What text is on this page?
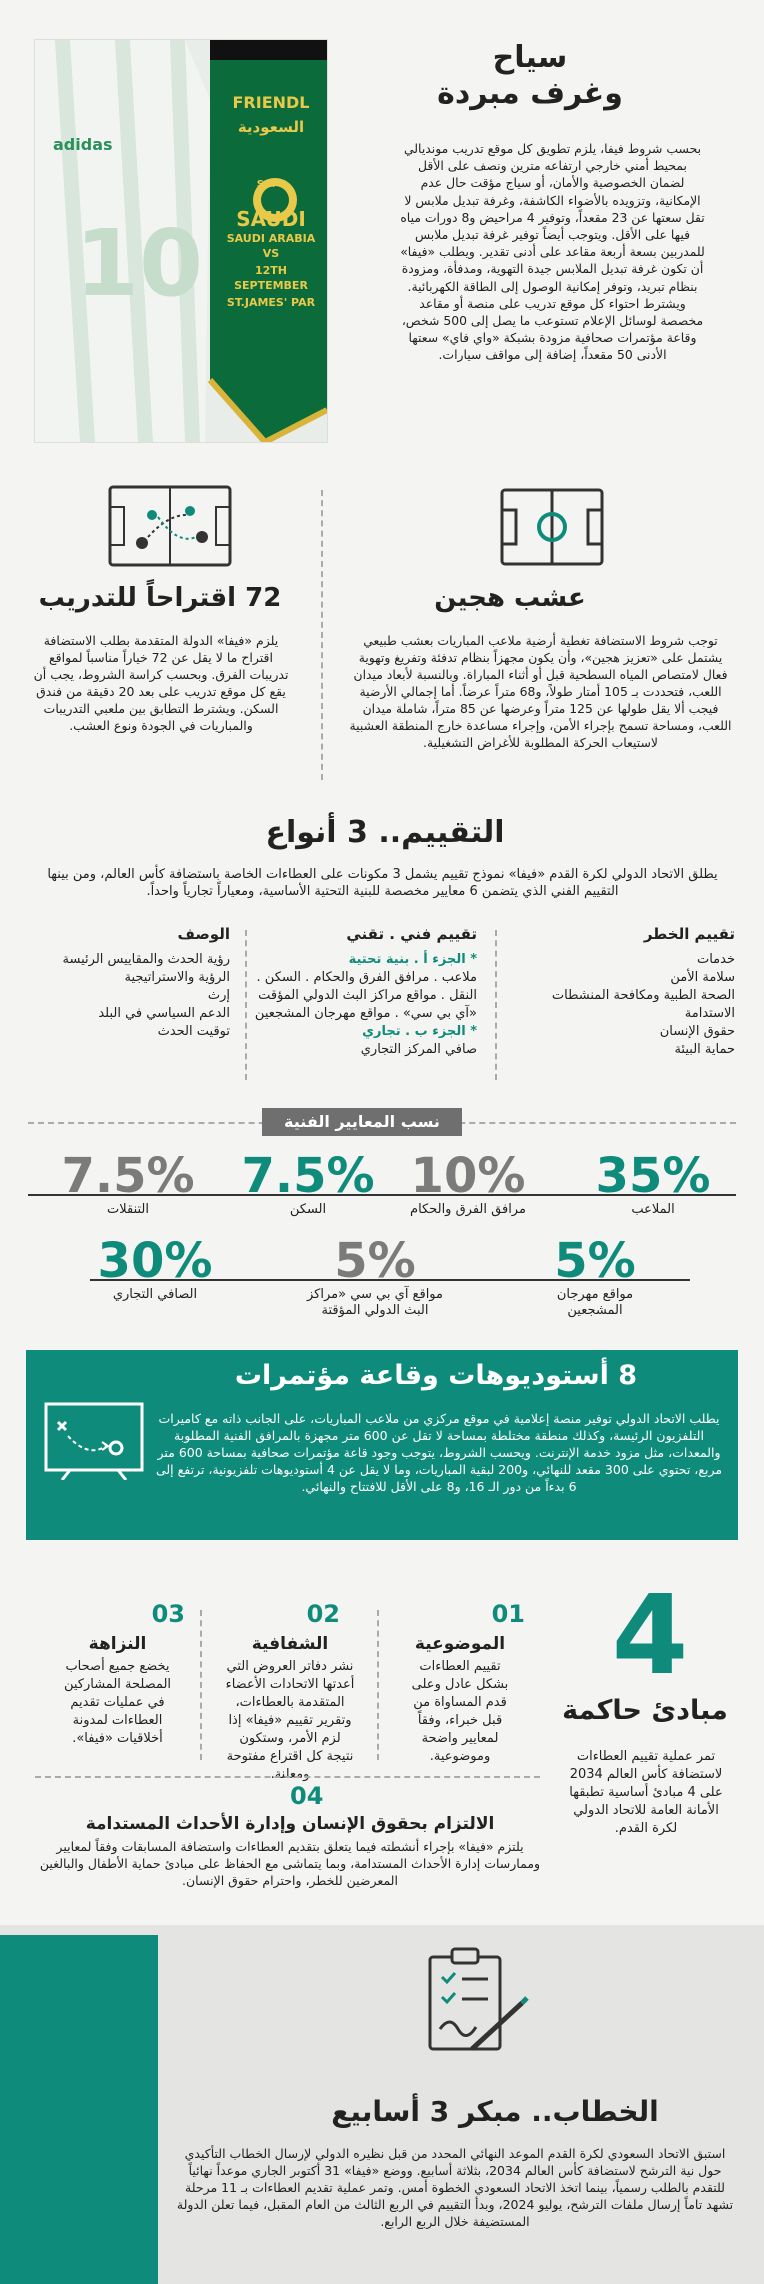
adidas
10
FRIENDL
السعودية
SAFF
SAUDI
SAUDI ARABIA VS
12TH SEPTEMBER
ST.JAMES' PAR
سياح
وغرف مبردة
بحسب شروط فيفا، يلزم تطويق كل موقع تدريب مونديالي بمحيط أمني خارجي ارتفاعه مترين ونصف على الأقل لضمان الخصوصية والأمان، أو سياج مؤقت حال عدم الإمكانية، وتزويده بالأضواء الكاشفة، وغرفة تبديل ملابس لا تقل سعتها عن 23 مقعداً، وتوفير 4 مراحيض و8 دورات مياه فيها على الأقل. ويتوجب أيضاً توفير غرفة تبديل ملابس للمدربين بسعة أربعة مقاعد على أدنى تقدير. ويطلب «فيفا» أن تكون غرفة تبديل الملابس جيدة التهوية، ومدفأة، ومزودة بنظام تبريد، وتوفر إمكانية الوصول إلى الطاقة الكهربائية. ويشترط احتواء كل موقع تدريب على منصة أو مقاعد مخصصة لوسائل الإعلام تستوعب ما يصل إلى 500 شخص، وقاعة مؤتمرات صحافية مزودة بشبكة «واي فاي» سعتها الأدنى 50 مقعداً، إضافة إلى مواقف سيارات.
72 اقتراحاً للتدريب
يلزم «فيفا» الدولة المتقدمة بطلب الاستضافة اقتراح ما لا يقل عن 72 خياراً مناسباً لمواقع تدريبات الفرق. وبحسب كراسة الشروط، يجب أن يقع كل موقع تدريب على بعد 20 دقيقة من فندق السكن. ويشترط التطابق بين ملعبي التدريبات والمباريات في الجودة ونوع العشب.
عشب هجين
توجب شروط الاستضافة تغطية أرضية ملاعب المباريات بعشب طبيعي يشتمل على «تعزيز هجين»، وأن يكون مجهزاً بنظام تدفئة وتفريغ وتهوية فعال لامتصاص المياه السطحية قبل أو أثناء المباراة. وبالنسبة لأبعاد ميدان اللعب، فتحددت بـ 105 أمتار طولاً، و68 متراً عرضاً. أما إجمالي الأرضية فيجب ألا يقل طولها عن 125 متراً وعرضها عن 85 متراً، شاملة ميدان اللعب، ومساحة تسمح بإجراء الأمن، وإجراء مساعدة خارج المنطقة العشبية لاستيعاب الحركة المطلوبة للأغراض التشغيلية.
التقييم.. 3 أنواع
يطلق الاتحاد الدولي لكرة القدم «فيفا» نموذج تقييم يشمل 3 مكونات على العطاءات الخاصة باستضافة كأس العالم، ومن بينها التقييم الفني الذي يتضمن 6 معايير مخصصة للبنية التحتية الأساسية، ومعياراً تجارياً واحداً.
تقييم الخطر
خدمات
سلامة الأمن
الصحة الطبية ومكافحة المنشطات
الاستدامة
حقوق الإنسان
حماية البيئة
تقييم فني . تقني
* الجزء أ . بنية تحتية
ملاعب . مرافق الفرق والحكام . السكن .
النقل . مواقع مراكز البث الدولي المؤقت
«آي بي سي» . مواقع مهرجان المشجعين
* الجزء ب . تجاري
صافي المركز التجاري
الوصف
رؤية الحدث والمقاييس الرئيسة
الرؤية والاستراتيجية
إرث
الدعم السياسي في البلد
توقيت الحدث
نسب المعايير الفنية
35%
الملاعب
10%
مرافق الفرق والحكام
7.5%
السكن
7.5%
التنقلات
5%
مواقع مهرجان المشجعين
5%
مواقع آي بي سي «مراكز البث الدولي المؤقتة
30%
الصافي التجاري
8 أستوديوهات وقاعة مؤتمرات
يطلب الاتحاد الدولي توفير منصة إعلامية في موقع مركزي من ملاعب المباريات، على الجانب ذاته مع كاميرات التلفزيون الرئيسة، وكذلك منطقة مختلطة بمساحة لا تقل عن 600 متر مجهزة بالمرافق الفنية المطلوبة والمعدات، مثل مزود خدمة الإنترنت. ويحسب الشروط، يتوجب وجود قاعة مؤتمرات صحافية بمساحة 600 متر مربع، تحتوي على 300 مقعد للنهائي، و200 لبقية المباريات، وما لا يقل عن 4 أستوديوهات تلفزيونية، ترتفع إلى 6 بدءاً من دور الـ 16، و8 على الأقل للافتتاح والنهائي.
4
مبادئ حاكمة
تمر عملية تقييم العطاءات لاستضافة كأس العالم 2034 على 4 مبادئ أساسية تطبقها الأمانة العامة للاتحاد الدولي لكرة القدم.
01
الموضوعية
تقييم العطاءات بشكل عادل وعلى قدم المساواة من قبل خبراء، وفقاً لمعايير واضحة وموضوعية.
02
الشفافية
نشر دفاتر العروض التي أعدتها الاتحادات الأعضاء المتقدمة بالعطاءات، وتقرير تقييم «فيفا» إذا لزم الأمر، وستكون نتيجة كل اقتراع مفتوحة ومعلنة.
03
النزاهة
يخضع جميع أصحاب المصلحة المشاركين في عمليات تقديم العطاءات لمدونة أخلاقيات «فيفا».
04
الالتزام بحقوق الإنسان وإدارة الأحداث المستدامة
يلتزم «فيفا» بإجراء أنشطته فيما يتعلق بتقديم العطاءات واستضافة المسابقات وفقاً لمعايير وممارسات إدارة الأحداث المستدامة، وبما يتماشى مع الحفاظ على مبادئ حماية الأطفال والبالغين المعرضين للخطر، واحترام حقوق الإنسان.
الخطاب.. مبكر 3 أسابيع
استبق الاتحاد السعودي لكرة القدم الموعد النهائي المحدد من قبل نظيره الدولي لإرسال الخطاب التأكيدي حول نية الترشح لاستضافة كأس العالم 2034، بثلاثة أسابيع. ووضع «فيفا» 31 أكتوبر الجاري موعداً نهائياً للتقدم بالطلب رسمياً، بينما اتخذ الاتحاد السعودي الخطوة أمس. وتمر عملية تقديم العطاءات بـ 11 مرحلة تشهد تاماً إرسال ملفات الترشح، يوليو 2024، وبدأ التقييم في الربع الثالث من العام المقبل، فيما تعلن الدولة المستضيفة خلال الربع الرابع.
